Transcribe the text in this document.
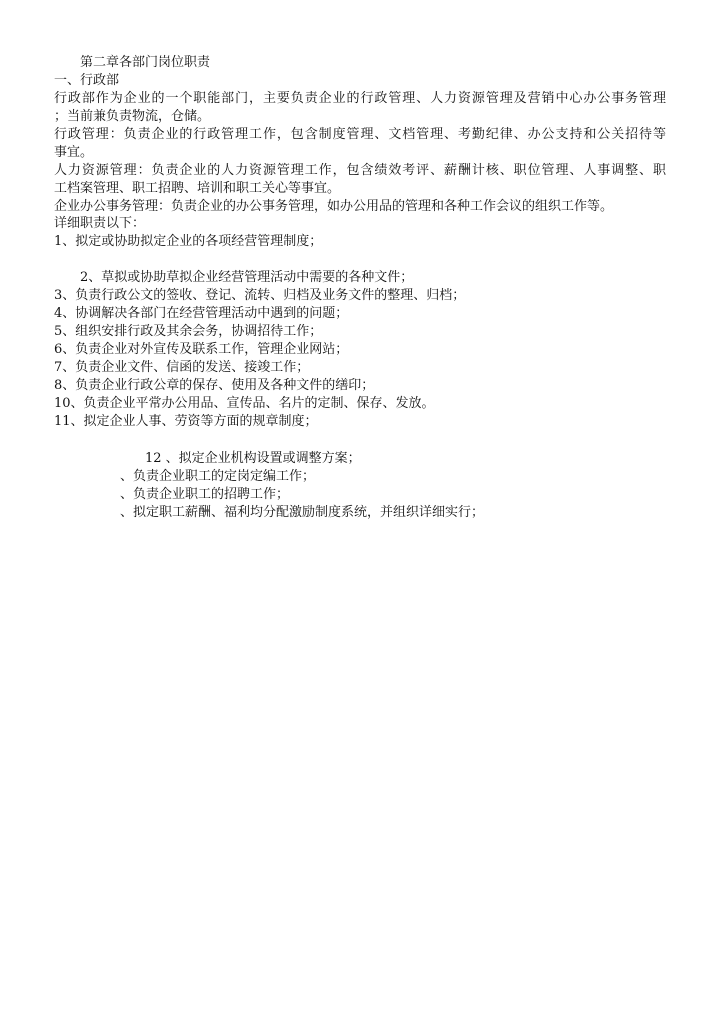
第二章各部门岗位职责
一、行政部
行政部作为企业的一个职能部门，主要负责企业的行政管理、人力资源管理及营销中心办公事务管理
；当前兼负责物流，仓储。
行政管理：负责企业的行政管理工作，包含制度管理、文档管理、考勤纪律、办公支持和公关招待等
事宜。
人力资源管理：负责企业的人力资源管理工作，包含绩效考评、薪酬计核、职位管理、人事调整、职
工档案管理、职工招聘、培训和职工关心等事宜。
企业办公事务管理：负责企业的办公事务管理，如办公用品的管理和各种工作会议的组织工作等。
详细职责以下：
1、拟定或协助拟定企业的各项经营管理制度；
2、草拟或协助草拟企业经营管理活动中需要的各种文件；
3、负责行政公文的签收、登记、流转、归档及业务文件的整理、归档；
4、协调解决各部门在经营管理活动中遇到的问题；
5、组织安排行政及其余会务，协调招待工作；
6、负责企业对外宣传及联系工作，管理企业网站；
7、负责企业文件、信函的发送、接竣工作；
8、负责企业行政公章的保存、使用及各种文件的缮印；
10、负责企业平常办公用品、宣传品、名片的定制、保存、发放。
11、拟定企业人事、劳资等方面的规章制度；
12 、拟定企业机构设置或调整方案；
、负责企业职工的定岗定编工作；
、负责企业职工的招聘工作；
、拟定职工薪酬、福利均分配激励制度系统，并组织详细实行；
